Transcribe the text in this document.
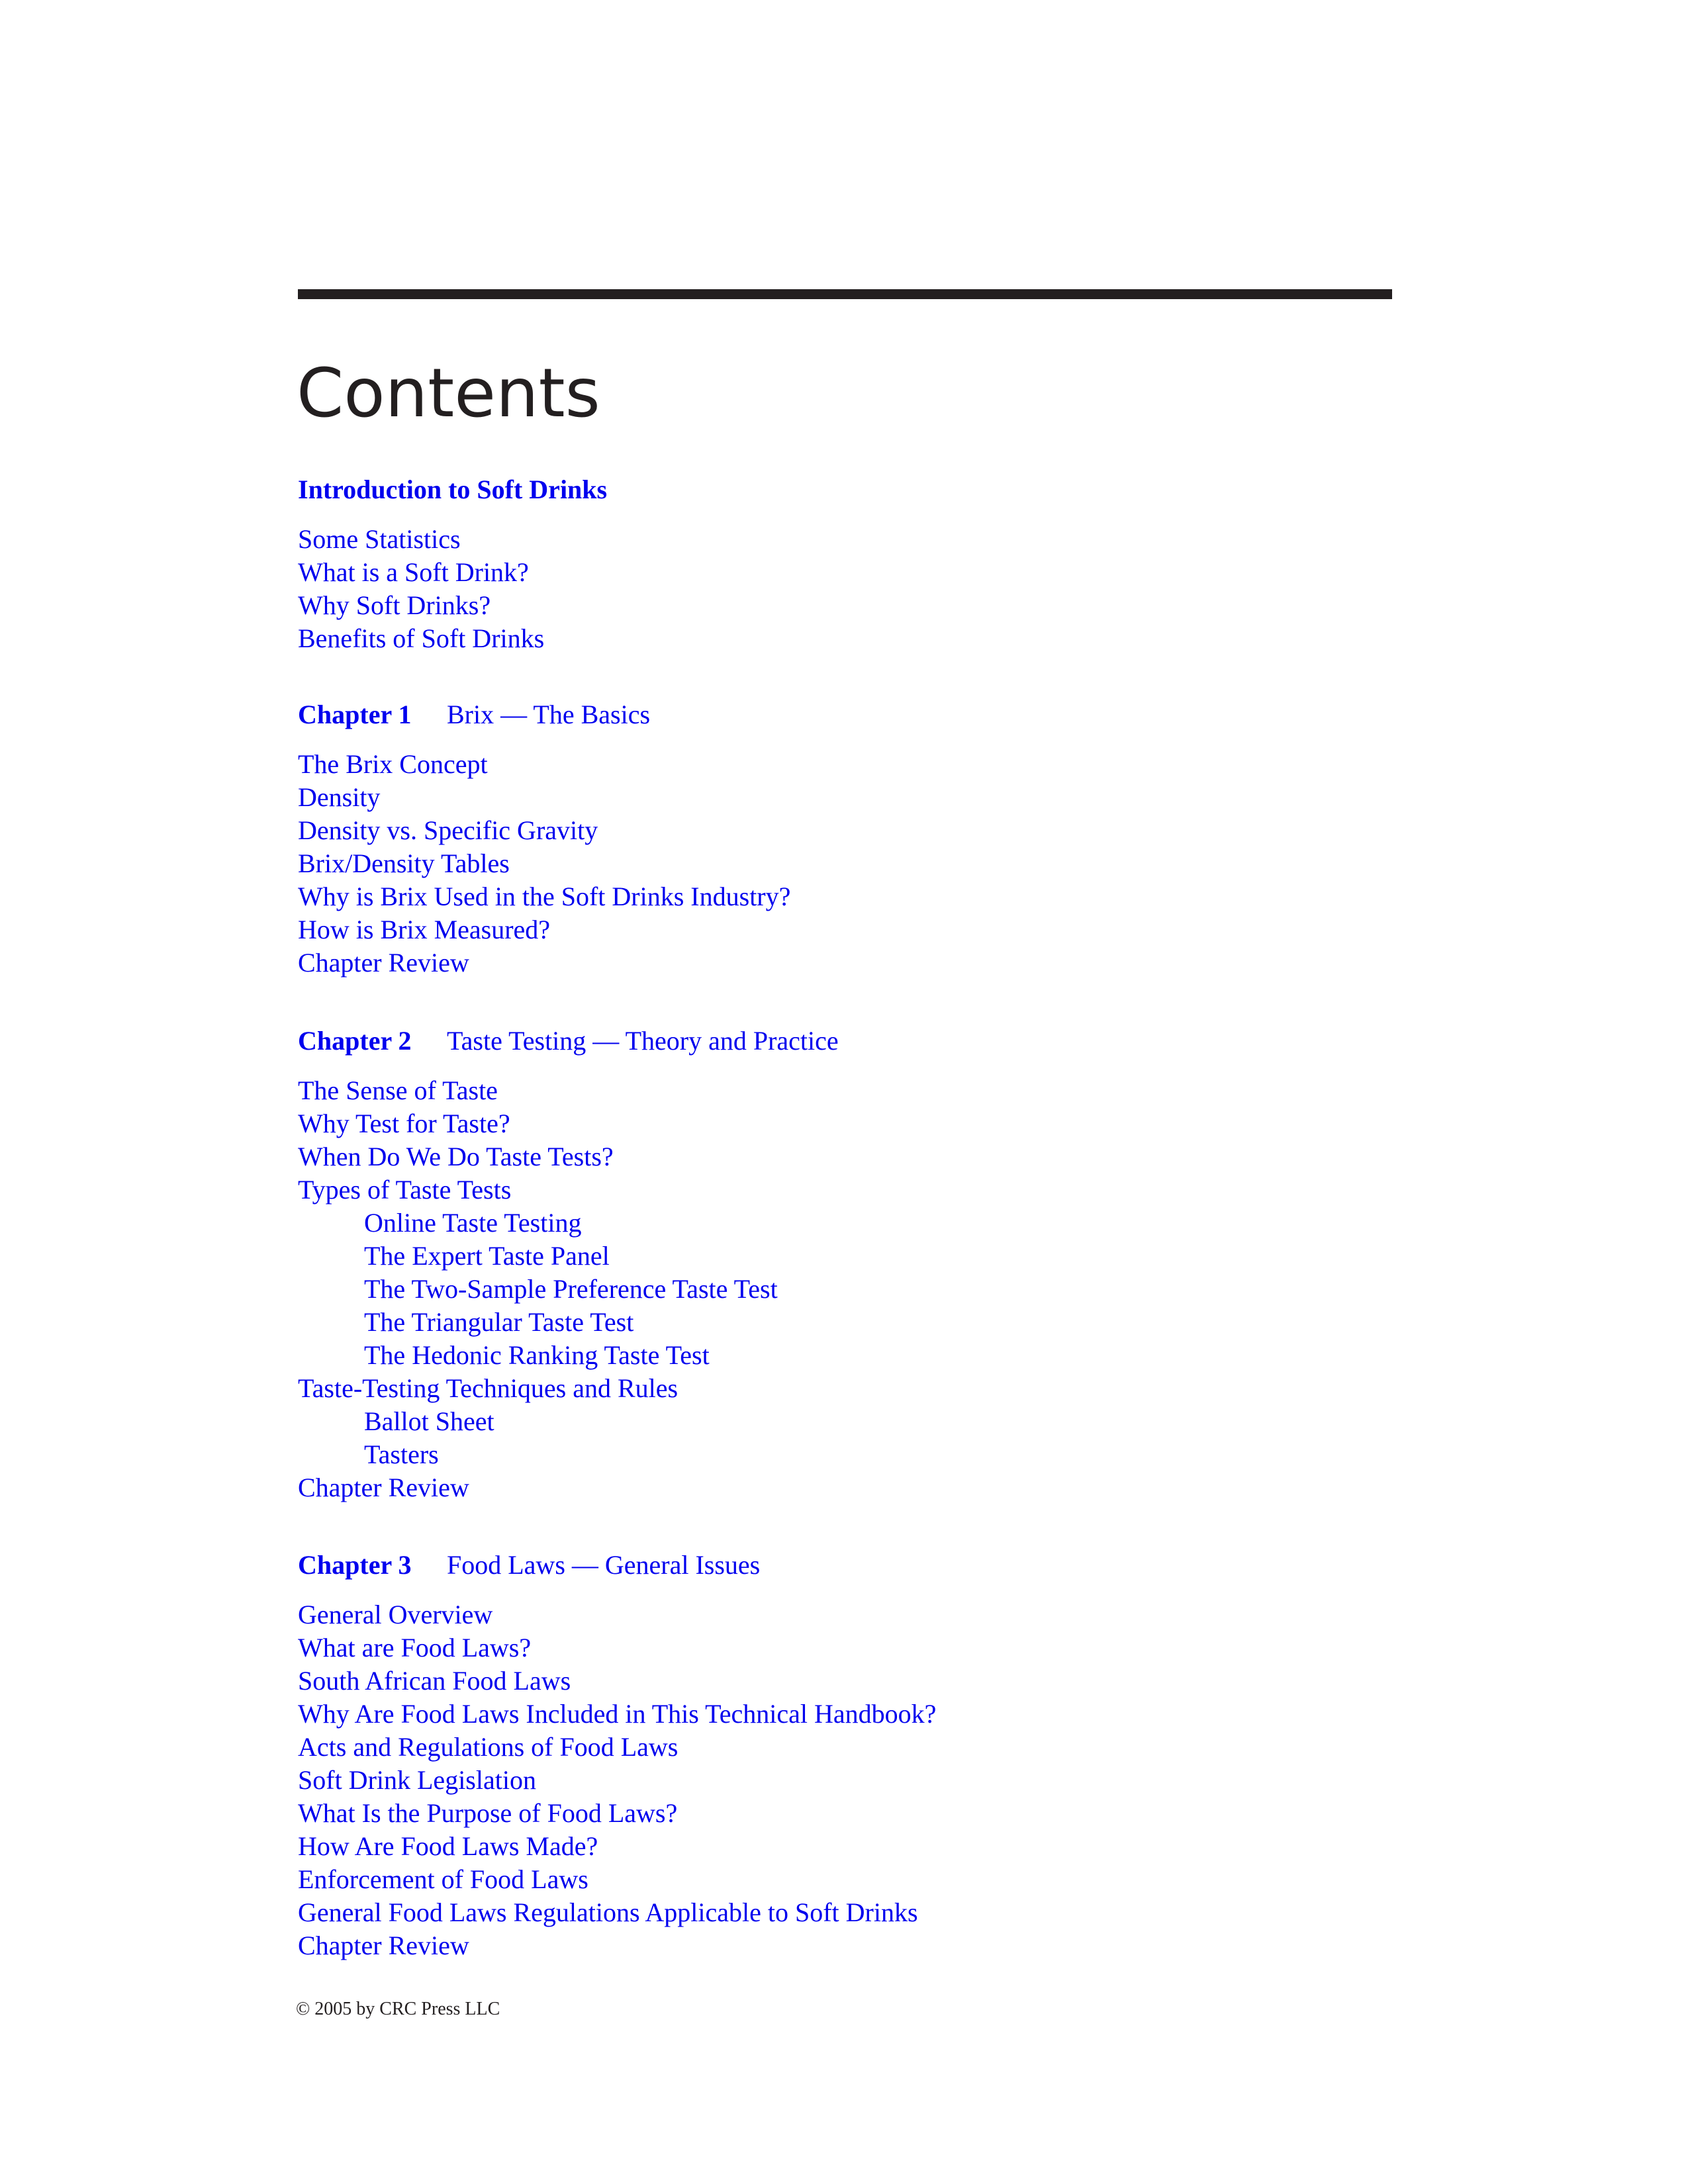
Contents
Introduction to Soft Drinks
Some Statistics
What is a Soft Drink?
Why Soft Drinks?
Benefits of Soft Drinks
Chapter 1 Brix — The Basics
The Brix Concept
Density
Density vs. Specific Gravity
Brix/Density Tables
Why is Brix Used in the Soft Drinks Industry?
How is Brix Measured?
Chapter Review
Chapter 2 Taste Testing — Theory and Practice
The Sense of Taste
Why Test for Taste?
When Do We Do Taste Tests?
Types of Taste Tests
Online Taste Testing
The Expert Taste Panel
The Two-Sample Preference Taste Test
The Triangular Taste Test
The Hedonic Ranking Taste Test
Taste-Testing Techniques and Rules
Ballot Sheet
Tasters
Chapter Review
Chapter 3 Food Laws — General Issues
General Overview
What are Food Laws?
South African Food Laws
Why Are Food Laws Included in This Technical Handbook?
Acts and Regulations of Food Laws
Soft Drink Legislation
What Is the Purpose of Food Laws?
How Are Food Laws Made?
Enforcement of Food Laws
General Food Laws Regulations Applicable to Soft Drinks
Chapter Review
© 2005 by CRC Press LLC
